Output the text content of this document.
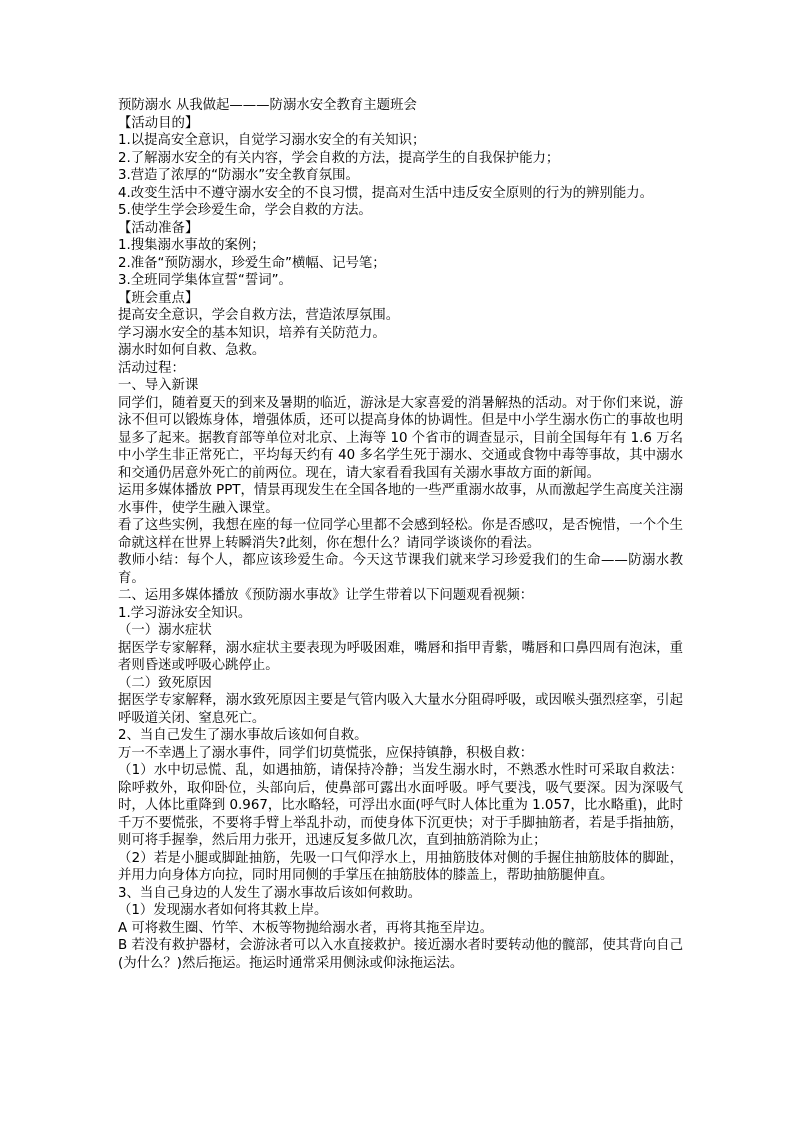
预防溺水 从我做起———防溺水安全教育主题班会
【活动目的】
1.以提高安全意识，自觉学习溺水安全的有关知识；
2.了解溺水安全的有关内容，学会自救的方法，提高学生的自我保护能力；
3.营造了浓厚的“防溺水”安全教育氛围。
4.改变生活中不遵守溺水安全的不良习惯，提高对生活中违反安全原则的行为的辨别能力。
5.使学生学会珍爱生命，学会自救的方法。
【活动准备】
1.搜集溺水事故的案例；
2.准备“预防溺水，珍爱生命”横幅、记号笔；
3.全班同学集体宣誓“誓词”。
【班会重点】
提高安全意识，学会自救方法，营造浓厚氛围。
学习溺水安全的基本知识，培养有关防范力。
溺水时如何自救、急救。
活动过程：
一、导入新课
同学们，随着夏天的到来及暑期的临近，游泳是大家喜爱的消暑解热的活动。对于你们来说，游泳不但可以锻炼身体，增强体质，还可以提高身体的协调性。但是中小学生溺水伤亡的事故也明显多了起来。据教育部等单位对北京、上海等 10 个省市的调查显示，目前全国每年有 1.6 万名中小学生非正常死亡，平均每天约有 40 多名学生死于溺水、交通或食物中毒等事故，其中溺水和交通仍居意外死亡的前两位。现在，请大家看看我国有关溺水事故方面的新闻。
运用多媒体播放 PPT，情景再现发生在全国各地的一些严重溺水故事，从而激起学生高度关注溺水事件，使学生融入课堂。
看了这些实例，我想在座的每一位同学心里都不会感到轻松。你是否感叹，是否惋惜，一个个生命就这样在世界上转瞬消失?此刻，你在想什么？请同学谈谈你的看法。
教师小结：每个人，都应该珍爱生命。今天这节课我们就来学习珍爱我们的生命——防溺水教育。
二、运用多媒体播放《预防溺水事故》让学生带着以下问题观看视频：
1.学习游泳安全知识。
（一）溺水症状
据医学专家解释，溺水症状主要表现为呼吸困难，嘴唇和指甲青紫，嘴唇和口鼻四周有泡沫，重者则昏迷或呼吸心跳停止。
（二）致死原因
据医学专家解释，溺水致死原因主要是气管内吸入大量水分阻碍呼吸，或因喉头强烈痉挛，引起呼吸道关闭、窒息死亡。
2、当自己发生了溺水事故后该如何自救。
万一不幸遇上了溺水事件，同学们切莫慌张，应保持镇静，积极自救：
（1）水中切忌慌、乱，如遇抽筋，请保持冷静；当发生溺水时，不熟悉水性时可采取自救法：除呼救外，取仰卧位，头部向后，使鼻部可露出水面呼吸。呼气要浅，吸气要深。因为深吸气时，人体比重降到 0.967，比水略轻，可浮出水面(呼气时人体比重为 1.057，比水略重)，此时千万不要慌张，不要将手臂上举乱扑动，而使身体下沉更快；对于手脚抽筋者，若是手指抽筋，则可将手握拳，然后用力张开，迅速反复多做几次，直到抽筋消除为止；
（2）若是小腿或脚趾抽筋，先吸一口气仰浮水上，用抽筋肢体对侧的手握住抽筋肢体的脚趾，并用力向身体方向拉，同时用同侧的手掌压在抽筋肢体的膝盖上，帮助抽筋腿伸直。
3、当自己身边的人发生了溺水事故后该如何救助。
（1）发现溺水者如何将其救上岸。
A 可将救生圈、竹竿、木板等物抛给溺水者，再将其拖至岸边。
B 若没有救护器材，会游泳者可以入水直接救护。接近溺水者时要转动他的髋部，使其背向自己(为什么？)然后拖运。拖运时通常采用侧泳或仰泳拖运法。
